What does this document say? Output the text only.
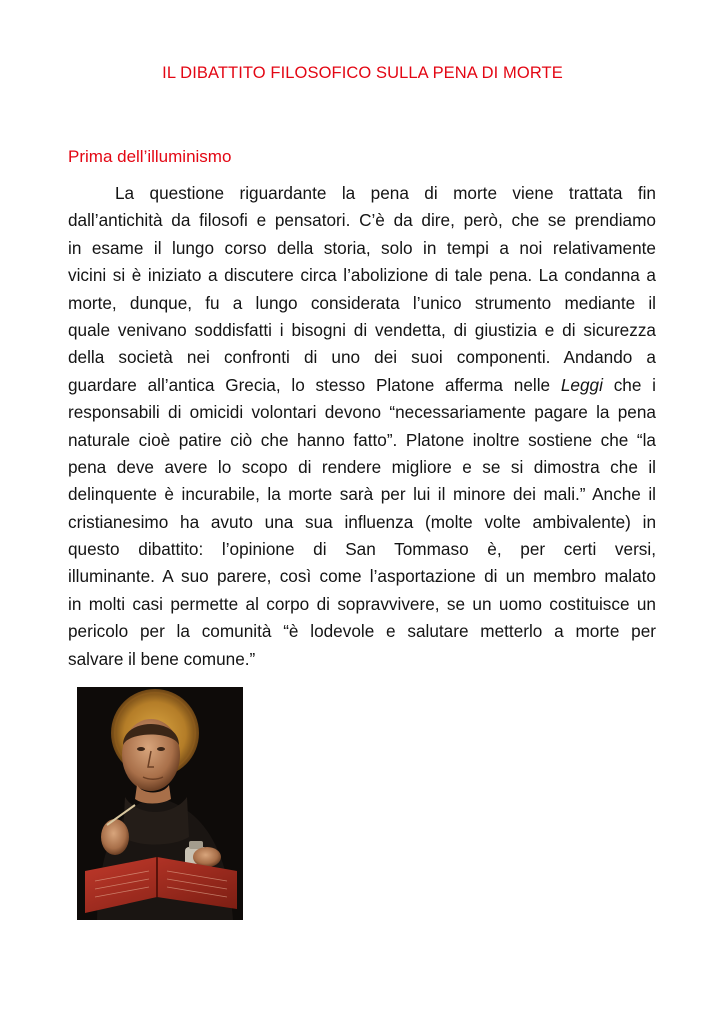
IL DIBATTITO FILOSOFICO SULLA PENA DI MORTE
Prima dell’illuminismo
La questione riguardante la pena di morte viene trattata fin
dall’antichità da filosofi e pensatori. C’è da dire, però, che se prendiamo
in esame il lungo corso della storia, solo in tempi a noi relativamente
vicini si è iniziato a discutere circa l’abolizione di tale pena. La condanna a
morte, dunque, fu a lungo considerata l’unico strumento mediante il
quale venivano soddisfatti i bisogni di vendetta, di giustizia e di sicurezza
della società nei confronti di uno dei suoi componenti. Andando a
guardare all’antica Grecia, lo stesso Platone afferma nelle Leggi che i
responsabili di omicidi volontari devono “necessariamente pagare la pena
naturale cioè patire ciò che hanno fatto”. Platone inoltre sostiene che “la
pena deve avere lo scopo di rendere migliore e se si dimostra che il
delinquente è incurabile, la morte sarà per lui il minore dei mali.” Anche il
cristianesimo ha avuto una sua influenza (molte volte ambivalente) in
questo dibattito: l’opinione di San Tommaso è, per certi versi,
illuminante. A suo parere, così come l’asportazione di un membro malato
in molti casi permette al corpo di sopravvivere, se un uomo costituisce un
pericolo per la comunità “è lodevole e salutare metterlo a morte per
salvare il bene comune.”
